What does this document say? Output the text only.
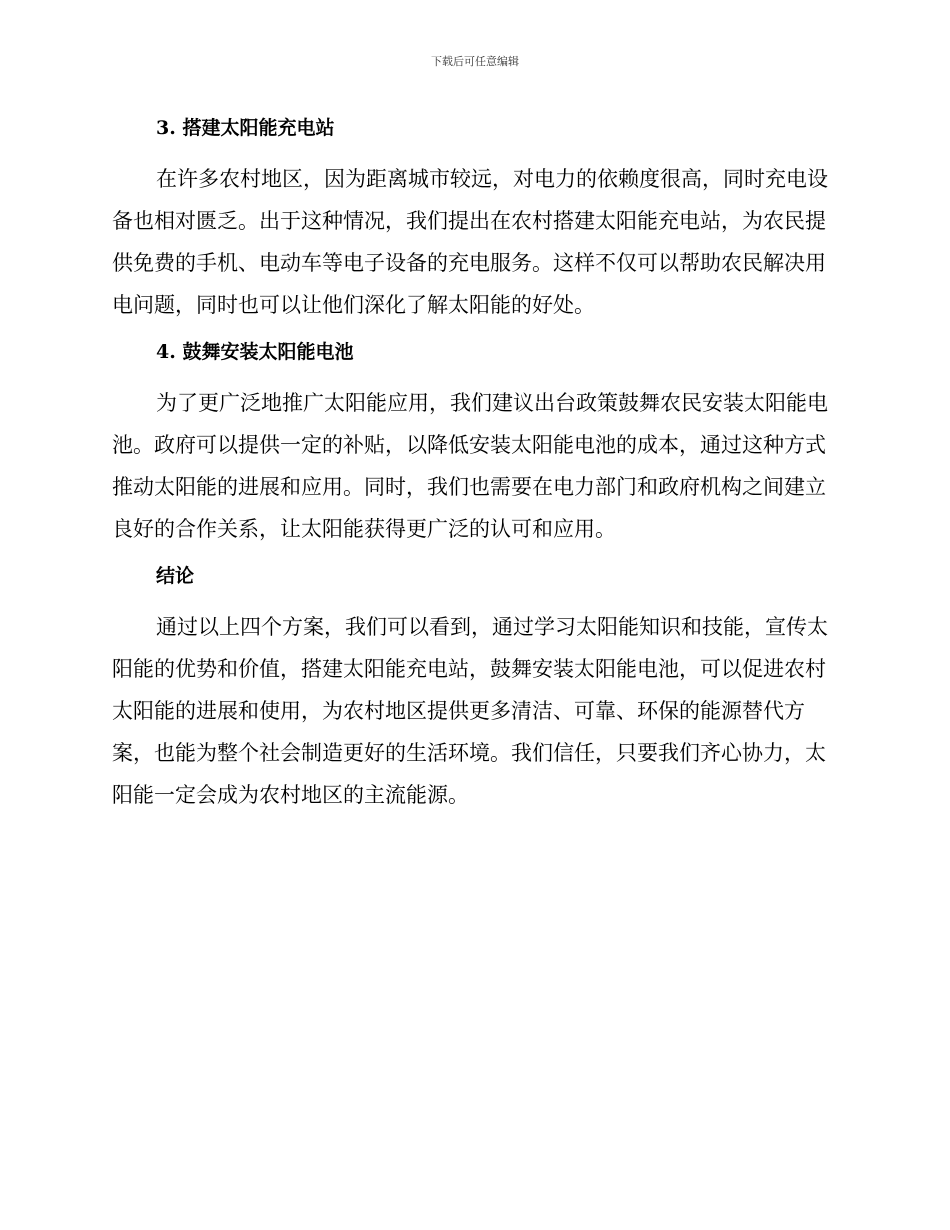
下载后可任意编辑
3. 搭建太阳能充电站

在许多农村地区，因为距离城市较远，对电力的依赖度很高，同时充电设备也相对匮乏。出于这种情况，我们提出在农村搭建太阳能充电站，为农民提供免费的手机、电动车等电子设备的充电服务。这样不仅可以帮助农民解决用电问题，同时也可以让他们深化了解太阳能的好处。

4. 鼓舞安装太阳能电池

为了更广泛地推广太阳能应用，我们建议出台政策鼓舞农民安装太阳能电池。政府可以提供一定的补贴，以降低安装太阳能电池的成本，通过这种方式推动太阳能的进展和应用。同时，我们也需要在电力部门和政府机构之间建立良好的合作关系，让太阳能获得更广泛的认可和应用。

结论

通过以上四个方案，我们可以看到，通过学习太阳能知识和技能，宣传太阳能的优势和价值，搭建太阳能充电站，鼓舞安装太阳能电池，可以促进农村太阳能的进展和使用，为农村地区提供更多清洁、可靠、环保的能源替代方案，也能为整个社会制造更好的生活环境。我们信任，只要我们齐心协力，太阳能一定会成为农村地区的主流能源。
